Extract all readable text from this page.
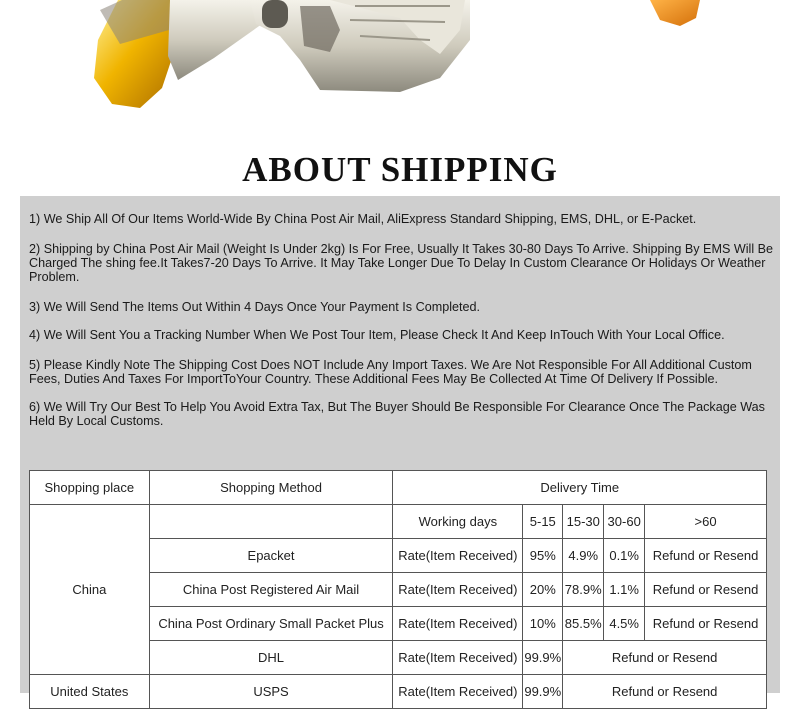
ABOUT SHIPPING

1) We Ship All Of Our Items World-Wide By China Post Air Mail, AliExpress Standard Shipping, EMS, DHL, or E-Packet.

2) Shipping by China Post Air Mail (Weight Is Under 2kg) Is For Free, Usually It Takes 30-80 Days To Arrive. Shipping By EMS Will Be Charged The shing fee.It Takes7-20 Days To Arrive. It May Take Longer Due To Delay In Custom Clearance Or Holidays Or Weather Problem.

3) We Will Send The Items Out Within 4 Days Once Your Payment Is Completed.

4) We Will Sent You a Tracking Number When We Post Tour Item, Please Check It And Keep InTouch With Your Local Office.

5) Please Kindly Note The Shipping Cost Does NOT Include Any Import Taxes. We Are Not Responsible For All Additional Custom Fees, Duties And Taxes For ImportToYour Country. These Additional Fees May Be Collected At Time Of Delivery If Possible.

6) We Will Try Our Best To Help You Avoid Extra Tax, But The Buyer Should Be Responsible For Clearance Once The Package Was Held By Local Customs.

Shopping place	Shopping Method	Delivery Time				
China		Working days	5-15	15-30	30-60	>60
	Epacket	Rate(Item Received)	95%	4.9%	0.1%	Refund or Resend
	China Post Registered Air Mail	Rate(Item Received)	20%	78.9%	1.1%	Refund or Resend
	China Post Ordinary Small Packet Plus	Rate(Item Received)	10%	85.5%	4.5%	Refund or Resend
	DHL	Rate(Item Received)	99.9%	Refund or Resend		
United States	USPS	Rate(Item Received)	99.9%	Refund or Resend		
